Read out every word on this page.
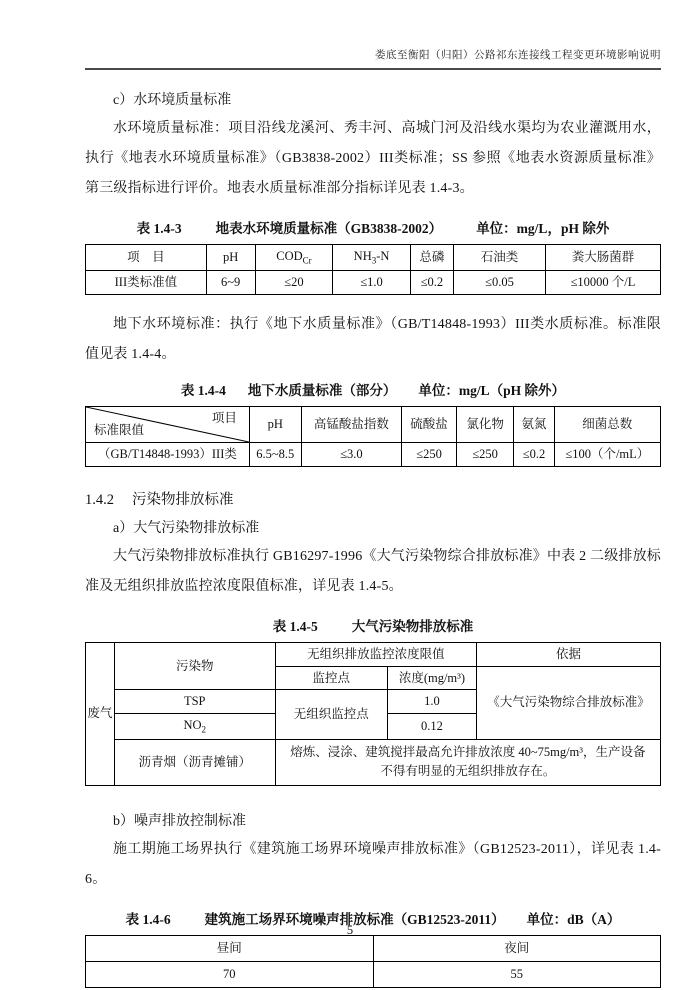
娄底至衡阳（归阳）公路祁东连接线工程变更环境影响说明
c）水环境质量标准

水环境质量标准：项目沿线龙溪河、秀丰河、高城门河及沿线水渠均为农业灌溉用水，执行《地表水环境质量标准》（GB3838-2002）III类标准；SS 参照《地表水资源质量标准》第三级指标进行评价。地表水质量标准部分指标详见表 1.4-3。

表 1.4-3	地表水环境质量标准（GB3838-2002）	单位：mg/L，pH 除外
项　目	pH	$COD_{Cr}$	$NH_3-N$	总磷	石油类	粪大肠菌群
III类标准值	6~9	≤20	≤1.0	≤0.2	≤0.05	≤10000 个/L

地下水环境标准：执行《地下水质量标准》（GB/T14848-1993）III类水质标准。标准限值见表 1.4-4。

表 1.4-4 地下水质量标准（部分） 单位：mg/L（pH 除外）
项目
标准限值	pH	高锰酸盐指数	硫酸盐	氯化物	氨氮	细菌总数
（GB/T14848-1993）III类	6.5~8.5	≤3.0	≤250	≤250	≤0.2	≤100（个/mL）
1.4.2 污染物排放标准
a）大气污染物排放标准

大气污染物排放标准执行 GB16297-1996《大气污染物综合排放标准》中表 2 二级排放标准及无组织排放监控浓度限值标准，详见表 1.4-5。

表 1.4-5	大气污染物排放标准
废气	污染物	无组织排放监控浓度限值		依据
		监控点	浓度(mg/m³)	《大气污染物综合排放标准》
	TSP	无组织监控点	1.0	
	$NO_2$		0.12	
	沥青烟（沥青摊铺）	熔炼、浸涂、建筑搅拌最高允许排放浓度 40~75mg/m³，生产设备不得有明显的无组织排放存在。		
b）噪声排放控制标准

施工期施工场界执行《建筑施工场界环境噪声排放标准》（GB12523-2011），详见表 1.4-6。

表 1.4-6	建筑施工场界环境噪声排放标准（GB12523-2011） 单位：dB（A）
昼间	夜间
70	55
5
